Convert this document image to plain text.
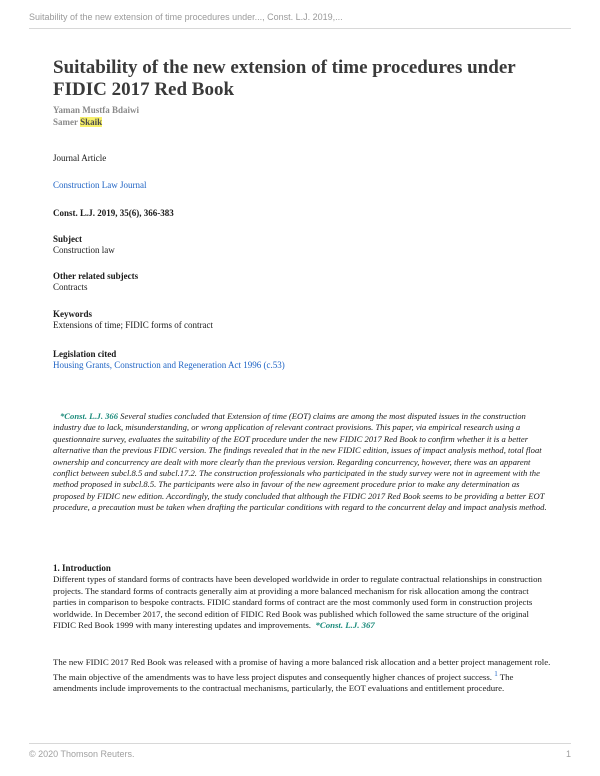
Suitability of the new extension of time procedures under..., Const. L.J. 2019,...
Suitability of the new extension of time procedures under FIDIC 2017 Red Book
Yaman Mustfa Bdaiwi
Samer Skaik
Journal Article
Construction Law Journal
Const. L.J. 2019, 35(6), 366-383
Subject
Construction law
Other related subjects
Contracts
Keywords
Extensions of time; FIDIC forms of contract
Legislation cited
Housing Grants, Construction and Regeneration Act 1996 (c.53)

*Const. L.J. 366 Several studies concluded that Extension of time (EOT) claims are among the most disputed issues in the construction industry due to lack, misunderstanding, or wrong application of relevant contract provisions. This paper, via empirical research using a questionnaire survey, evaluates the suitability of the EOT procedure under the new FIDIC 2017 Red Book to confirm whether it is a better alternative than the previous FIDIC version. The findings revealed that in the new FIDIC edition, issues of impact analysis method, total float ownership and concurrency are dealt with more clearly than the previous version. Regarding concurrency, however, there was an apparent conflict between subcl.8.5 and subcl.17.2. The construction professionals who participated in the study survey were not in agreement with the method proposed in subcl.8.5. The participants were also in favour of the new agreement procedure prior to make any determination as proposed by FIDIC new edition. Accordingly, the study concluded that although the FIDIC 2017 Red Book seems to be providing a better EOT procedure, a precaution must be taken when drafting the particular conditions with regard to the concurrent delay and impact analysis method.

1. Introduction

Different types of standard forms of contracts have been developed worldwide in order to regulate contractual relationships in construction projects. The standard forms of contracts generally aim at providing a more balanced mechanism for risk allocation among the contract parties in comparison to bespoke contracts. FIDIC standard forms of contract are the most commonly used form in construction projects worldwide. In December 2017, the second edition of FIDIC Red Book was published which followed the same structure of the original FIDIC Red Book 1999 with many interesting updates and improvements. *Const. L.J. 367

The new FIDIC 2017 Red Book was released with a promise of having a more balanced risk allocation and a better project management role. The main objective of the amendments was to have less project disputes and consequently higher chances of project success. $^1$ The amendments include improvements to the contractual mechanisms, particularly, the EOT evaluations and entitlement procedure.

© 2020 Thomson Reuters.	1
